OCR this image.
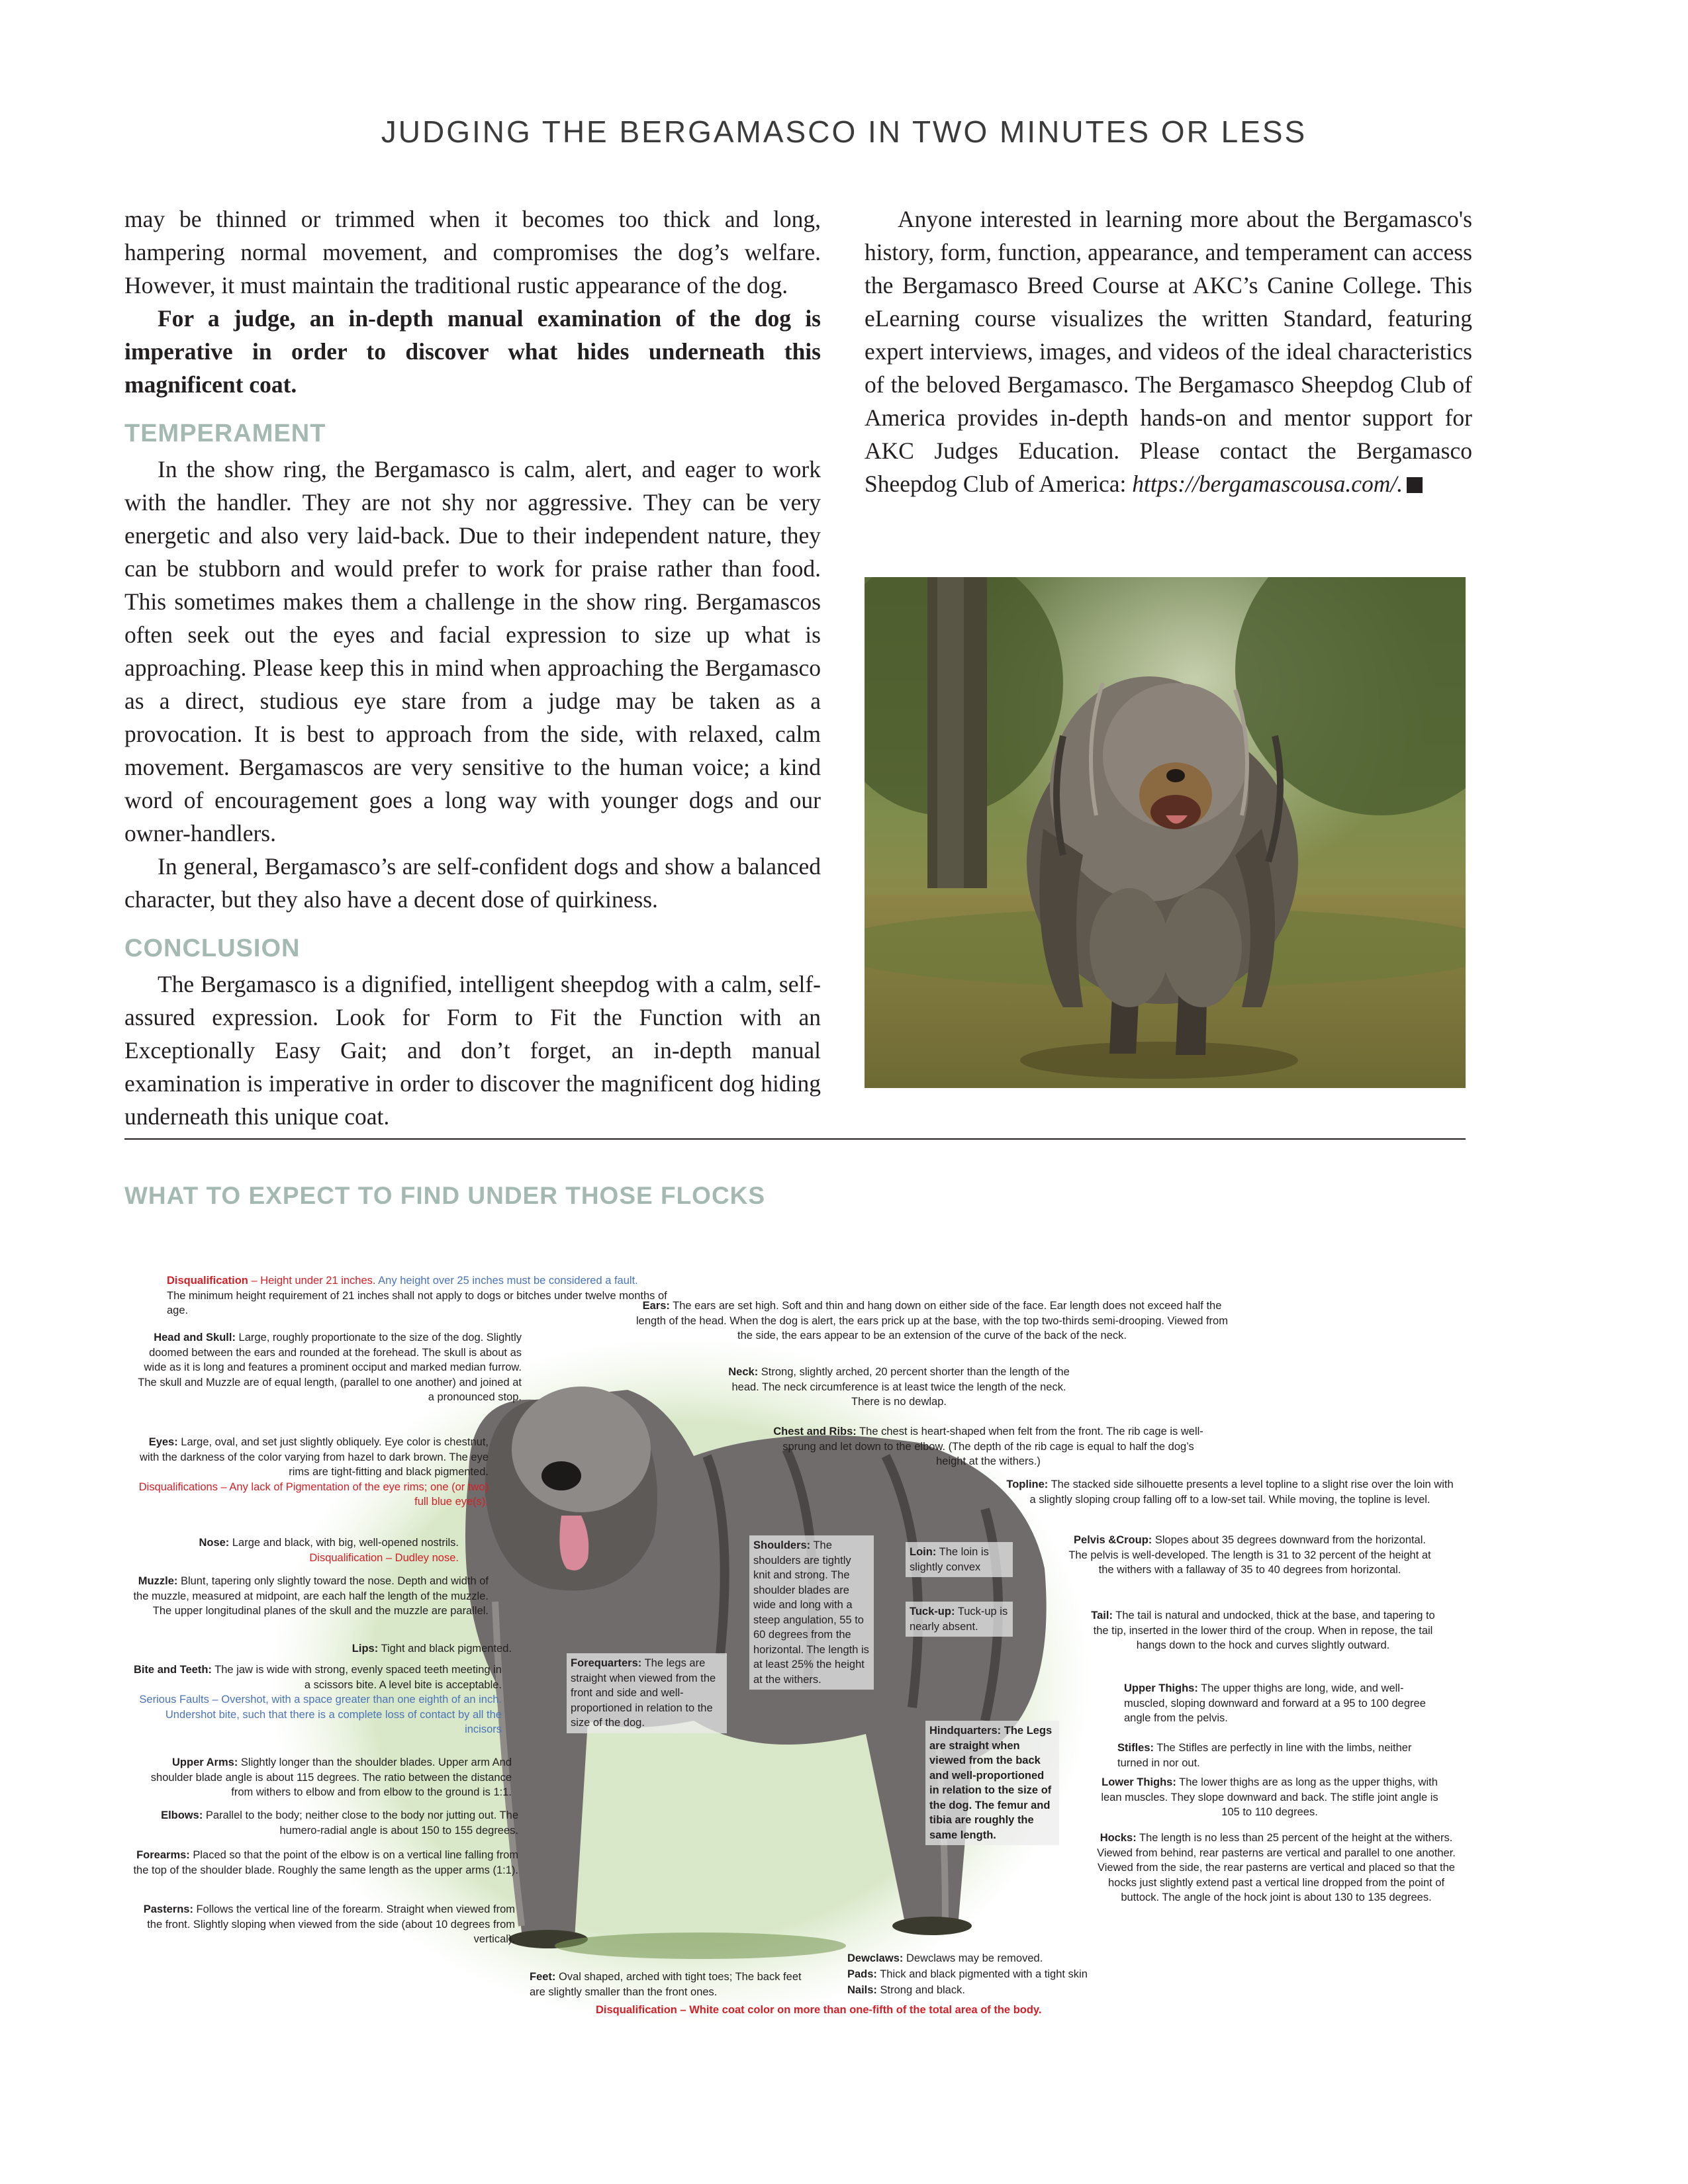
JUDGING THE BERGAMASCO IN TWO MINUTES OR LESS

may be thinned or trimmed when it becomes too thick and long, hampering normal movement, and compromises the dog’s welfare. However, it must maintain the traditional rustic appearance of the dog.

For a judge, an in-depth manual examination of the dog is imperative in order to discover what hides underneath this magnificent coat.

TEMPERAMENT

In the show ring, the Bergamasco is calm, alert, and eager to work with the handler. They are not shy nor aggressive. They can be very energetic and also very laid-back. Due to their independent nature, they can be stubborn and would prefer to work for praise rather than food. This sometimes makes them a challenge in the show ring. Bergamascos often seek out the eyes and facial expression to size up what is approaching. Please keep this in mind when approaching the Bergamasco as a direct, studious eye stare from a judge may be taken as a provocation. It is best to approach from the side, with relaxed, calm movement. Bergamascos are very sensitive to the human voice; a kind word of encouragement goes a long way with younger dogs and our owner-handlers.

In general, Bergamasco’s are self-confident dogs and show a balanced character, but they also have a decent dose of quirkiness.

CONCLUSION

The Bergamasco is a dignified, intelligent sheepdog with a calm, self-assured expression. Look for Form to Fit the Function with an Exceptionally Easy Gait; and don’t forget, an in-depth manual examination is imperative in order to discover the magnificent dog hiding underneath this unique coat.

Anyone interested in learning more about the Bergamasco's history, form, function, appearance, and temperament can access the Bergamasco Breed Course at AKC’s Canine College. This eLearning course visualizes the written Standard, featuring expert interviews, images, and videos of the ideal characteristics of the beloved Bergamasco. The Bergamasco Sheepdog Club of America provides in-depth hands-on and mentor support for AKC Judges Education. Please contact the Bergamasco Sheepdog Club of America: https://bergamascousa.com/.

WHAT TO EXPECT TO FIND UNDER THOSE FLOCKS
Disqualification – Height under 21 inches. Any height over 25 inches must be considered a fault.
The minimum height requirement of 21 inches shall not apply to dogs or bitches under twelve months of age.
Head and Skull: Large, roughly proportionate to the size of the dog. Slightly doomed between the ears and rounded at the forehead. The skull is about as wide as it is long and features a prominent occiput and marked median furrow. The skull and Muzzle are of equal length, (parallel to one another) and joined at a pronounced stop.
Eyes: Large, oval, and set just slightly obliquely. Eye color is chestnut, with the darkness of the color varying from hazel to dark brown. The eye rims are tight-fitting and black pigmented.
Disqualifications – Any lack of Pigmentation of the eye rims; one (or two) full blue eye(s).
Nose: Large and black, with big, well-opened nostrils.
Disqualification – Dudley nose.
Muzzle: Blunt, tapering only slightly toward the nose. Depth and width of the muzzle, measured at midpoint, are each half the length of the muzzle. The upper longitudinal planes of the skull and the muzzle are parallel.
Lips: Tight and black pigmented.
Bite and Teeth: The jaw is wide with strong, evenly spaced teeth meeting in a scissors bite. A level bite is acceptable.
Serious Faults – Overshot, with a space greater than one eighth of an inch. Undershot bite, such that there is a complete loss of contact by all the incisors
Upper Arms: Slightly longer than the shoulder blades. Upper arm And shoulder blade angle is about 115 degrees. The ratio between the distance from withers to elbow and from elbow to the ground is 1:1.
Elbows: Parallel to the body; neither close to the body nor jutting out. The humero-radial angle is about 150 to 155 degrees.
Forearms: Placed so that the point of the elbow is on a vertical line falling from the top of the shoulder blade. Roughly the same length as the upper arms (1:1).
Pasterns: Follows the vertical line of the forearm. Straight when viewed from the front. Slightly sloping when viewed from the side (about 10 degrees from vertical).
Feet: Oval shaped, arched with tight toes; The back feet are slightly smaller than the front ones.
Disqualification – White coat color on more than one-fifth of the total area of the body.
Ears: The ears are set high. Soft and thin and hang down on either side of the face. Ear length does not exceed half the length of the head. When the dog is alert, the ears prick up at the base, with the top two-thirds semi-drooping. Viewed from the side, the ears appear to be an extension of the curve of the back of the neck.
Neck: Strong, slightly arched, 20 percent shorter than the length of the head. The neck circumference is at least twice the length of the neck. There is no dewlap.
Chest and Ribs: The chest is heart-shaped when felt from the front. The rib cage is well-sprung and let down to the elbow. (The depth of the rib cage is equal to half the dog’s height at the withers.)
Topline: The stacked side silhouette presents a level topline to a slight rise over the loin with a slightly sloping croup falling off to a low-set tail. While moving, the topline is level.
Pelvis &Croup: Slopes about 35 degrees downward from the horizontal. The pelvis is well-developed. The length is 31 to 32 percent of the height at the withers with a fallaway of 35 to 40 degrees from horizontal.
Tail: The tail is natural and undocked, thick at the base, and tapering to the tip, inserted in the lower third of the croup. When in repose, the tail hangs down to the hock and curves slightly outward.
Upper Thighs: The upper thighs are long, wide, and well-muscled, sloping downward and forward at a 95 to 100 degree angle from the pelvis.
Stifles: The Stifles are perfectly in line with the limbs, neither turned in nor out.
Lower Thighs: The lower thighs are as long as the upper thighs, with lean muscles. They slope downward and back. The stifle joint angle is 105 to 110 degrees.
Hocks: The length is no less than 25 percent of the height at the withers. Viewed from behind, rear pasterns are vertical and parallel to one another. Viewed from the side, the rear pasterns are vertical and placed so that the hocks just slightly extend past a vertical line dropped from the point of buttock. The angle of the hock joint is about 130 to 135 degrees.
Shoulders: The shoulders are tightly knit and strong. The shoulder blades are wide and long with a steep angulation, 55 to 60 degrees from the horizontal. The length is at least 25% the height at the withers.
Loin: The loin is slightly convex
Tuck-up: Tuck-up is nearly absent.
Forequarters: The legs are straight when viewed from the front and side and well-proportioned in relation to the size of the dog.
Hindquarters: The Legs are straight when viewed from the back and well-proportioned in relation to the size of the dog. The femur and tibia are roughly the same length.
Dewclaws: Dewclaws may be removed.
Pads: Thick and black pigmented with a tight skin
Nails: Strong and black.
